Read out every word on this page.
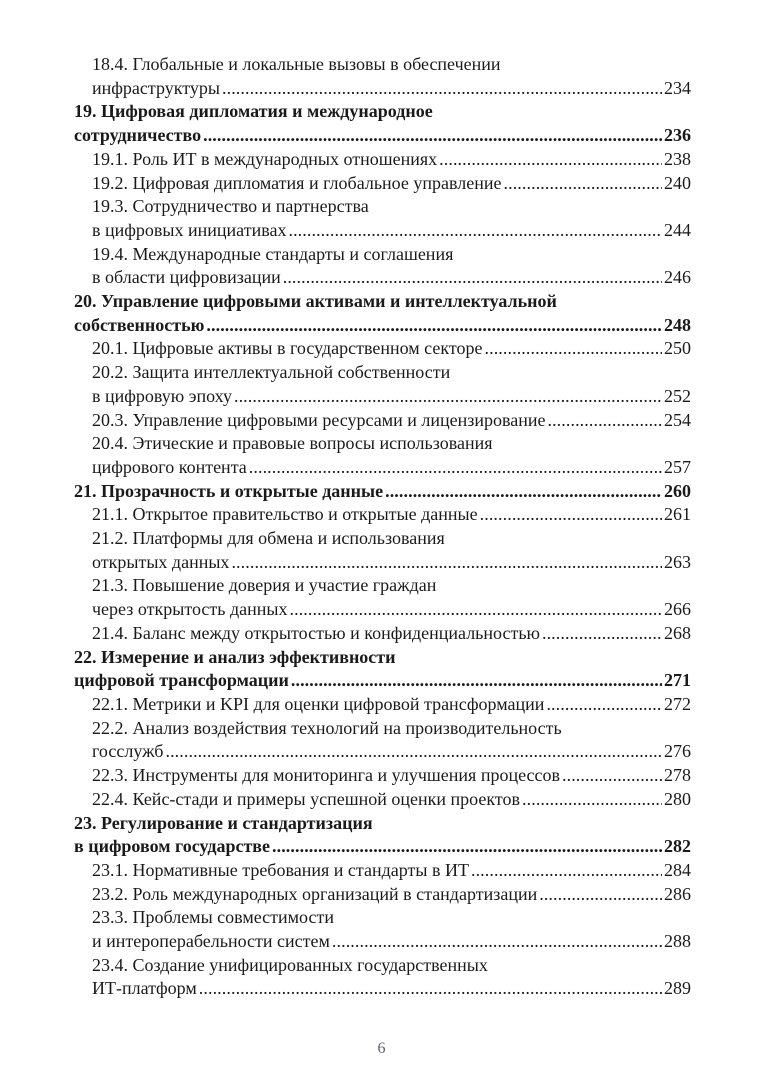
18.4. Глобальные и локальные вызовы в обеспечении
инфраструктуры . . .	234
19. Цифровая дипломатия и международное
сотрудничество . . .	236
19.1. Роль ИТ в международных отношениях . . .	238
19.2. Цифровая дипломатия и глобальное управление . . .	240
19.3. Сотрудничество и партнерства
в цифровых инициативах . . .	244
19.4. Международные стандарты и соглашения
в области цифровизации . . .	246
20. Управление цифровыми активами и интеллектуальной
собственностью . . .	248
20.1. Цифровые активы в государственном секторе . . .	250
20.2. Защита интеллектуальной собственности
в цифровую эпоху . . .	252
20.3. Управление цифровыми ресурсами и лицензирование . . .	254
20.4. Этические и правовые вопросы использования
цифрового контента . . .	257
21. Прозрачность и открытые данные . . .	260
21.1. Открытое правительство и открытые данные . . .	261
21.2. Платформы для обмена и использования
открытых данных . . .	263
21.3. Повышение доверия и участие граждан
через открытость данных . . .	266
21.4. Баланс между открытостью и конфиденциальностью . . .	268
22. Измерение и анализ эффективности
цифровой трансформации . . .	271
22.1. Метрики и KPI для оценки цифровой трансформации . . .	272
22.2. Анализ воздействия технологий на производительность
госслужб . . .	276
22.3. Инструменты для мониторинга и улучшения процессов . . .	278
22.4. Кейс-стади и примеры успешной оценки проектов . . .	280
23. Регулирование и стандартизация
в цифровом государстве . . .	282
23.1. Нормативные требования и стандарты в ИТ . . .	284
23.2. Роль международных организаций в стандартизации . . .	286
23.3. Проблемы совместимости
и интероперабельности систем . . .	288
23.4. Создание унифицированных государственных
ИТ-платформ . . .	289
6
